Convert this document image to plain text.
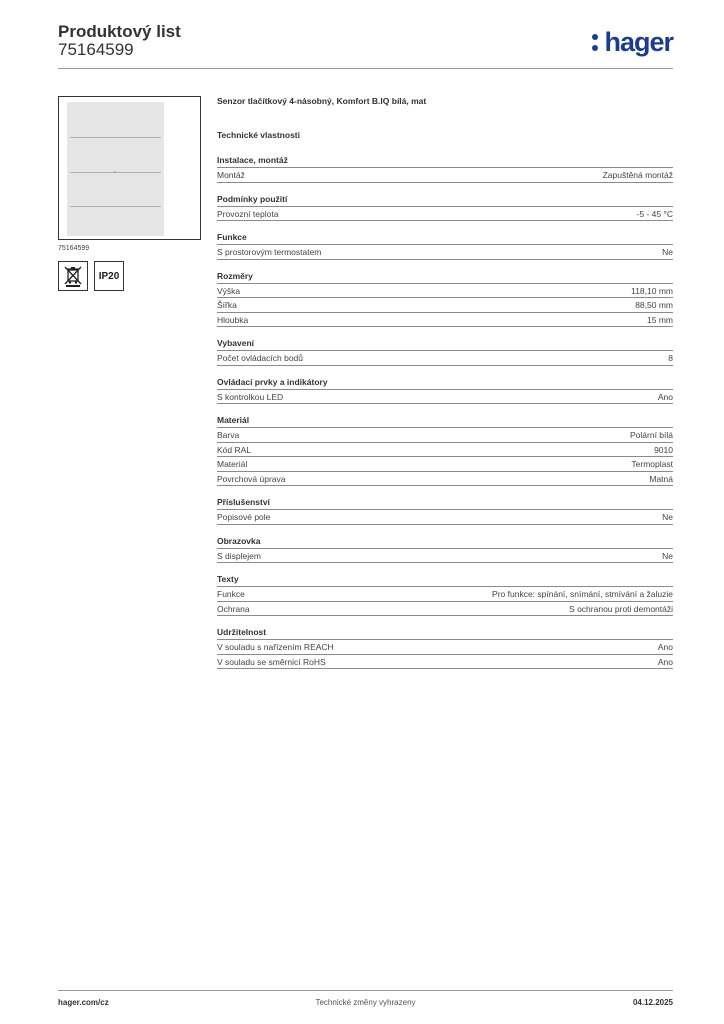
Produktový list
75164599	hager
75164599
IP20
Senzor tlačítkový 4-násobný, Komfort B.IQ bílá, mat
Technické vlastnosti
Instalace, montáž
Montáž	Zapuštěná montáž
Podmínky použití
Provozní teplota	-5 - 45 °C
Funkce
S prostorovým termostatem	Ne
Rozměry
Výška	118,10 mm
Šířka	88,50 mm
Hloubka	15 mm
Vybavení
Počet ovládacích bodů	8
Ovládací prvky a indikátory
S kontrolkou LED	Ano
Materiál
Barva	Polární bílá
Kód RAL	9010
Materiál	Termoplast
Povrchová úprava	Matná
Příslušenství
Popisové pole	Ne
Obrazovka
S displejem	Ne
Texty
Funkce	Pro funkce: spínání, snímání, stmívání a žaluzie
Ochrana	S ochranou proti demontáži
Udržitelnost
V souladu s nařízením REACH	Ano
V souladu se směrnicí RoHS	Ano
hager.com/cz	Technické změny vyhrazeny	04.12.2025
